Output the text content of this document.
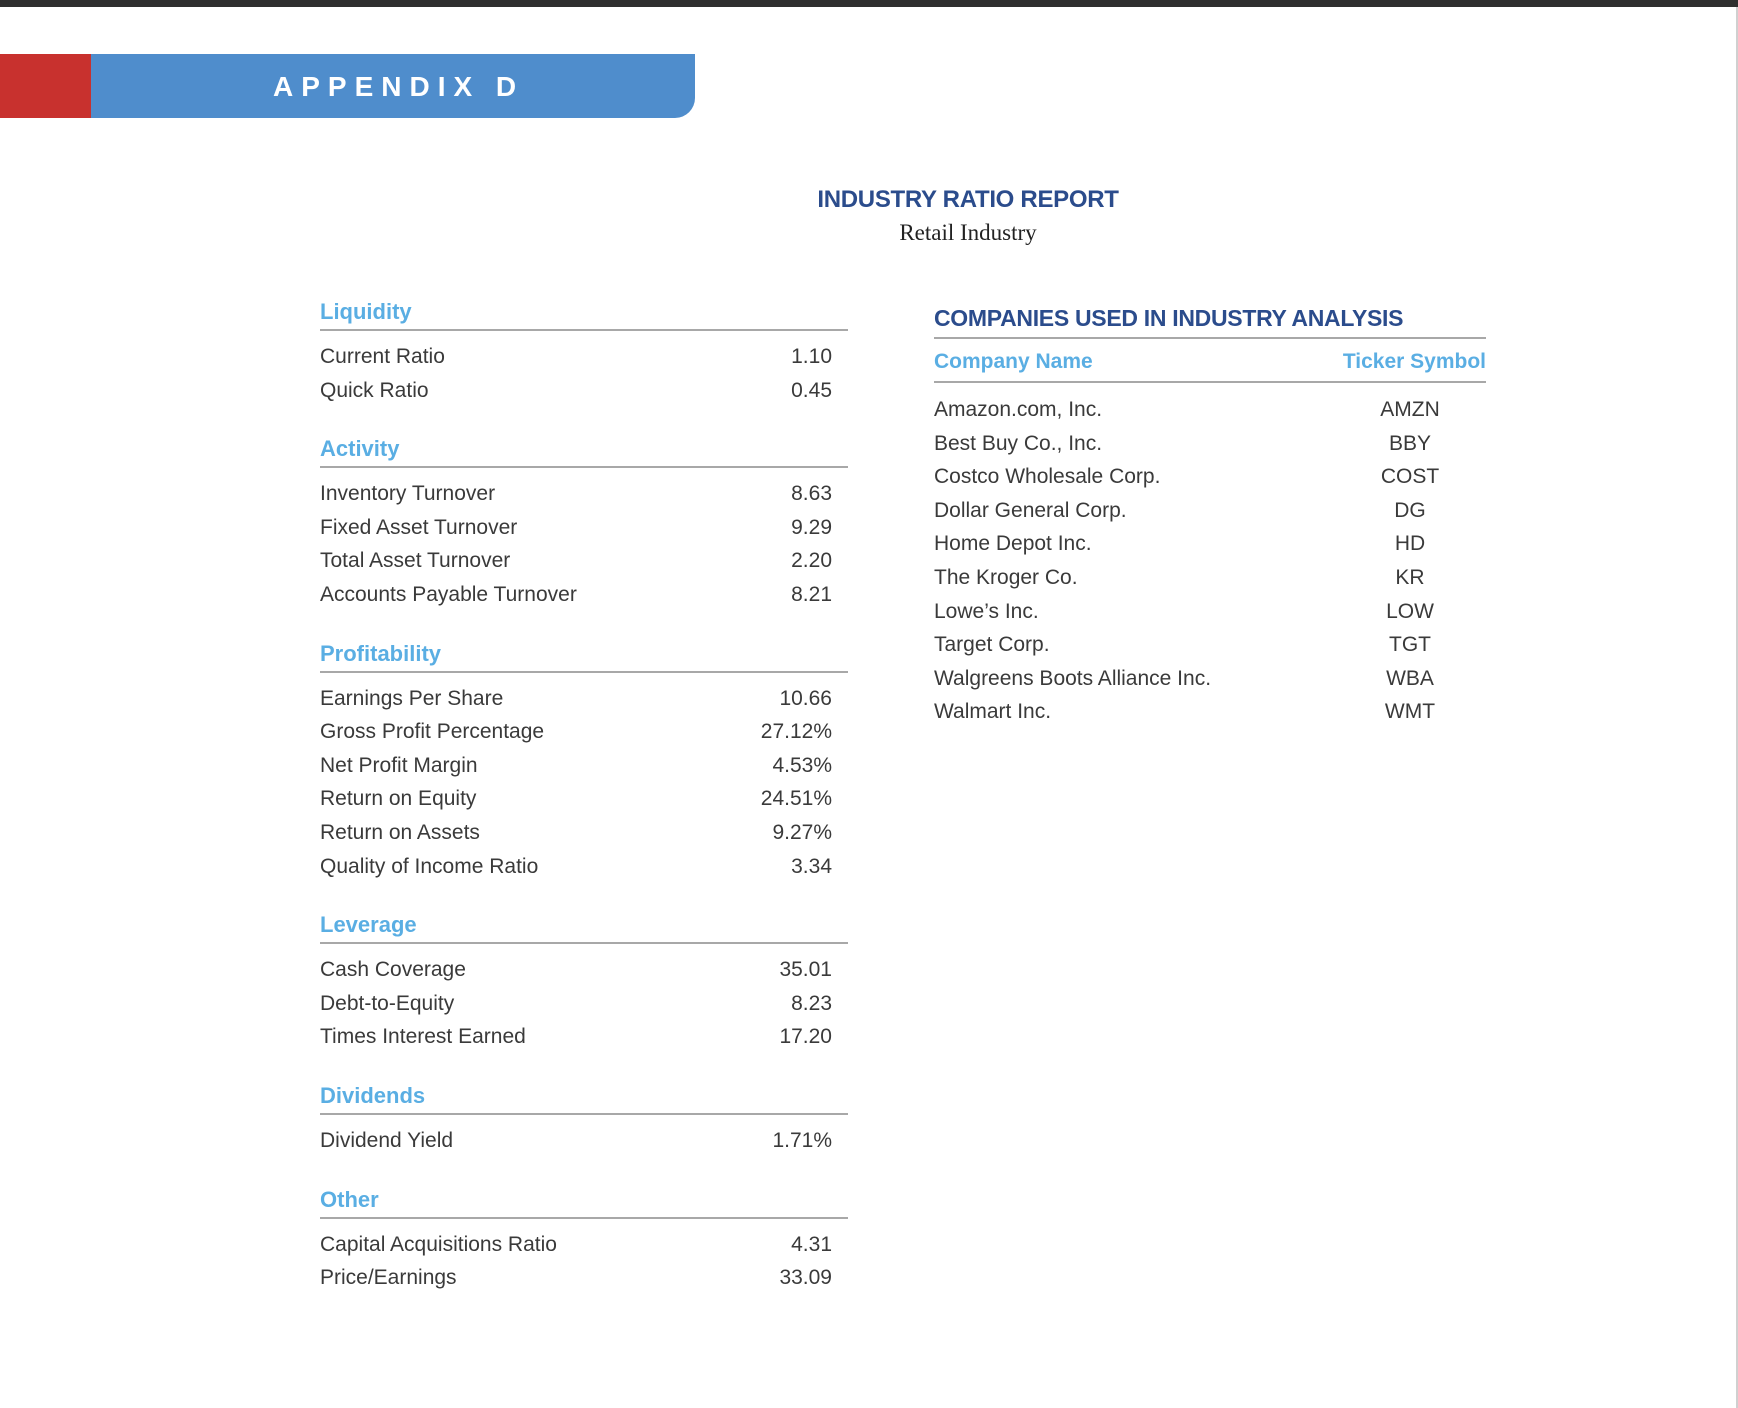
APPENDIX D
INDUSTRY RATIO REPORT
Retail Industry
Liquidity
Current Ratio	1.10
Quick Ratio	0.45
Activity
Inventory Turnover	8.63
Fixed Asset Turnover	9.29
Total Asset Turnover	2.20
Accounts Payable Turnover	8.21
Profitability
Earnings Per Share	10.66
Gross Profit Percentage	27.12%
Net Profit Margin	4.53%
Return on Equity	24.51%
Return on Assets	9.27%
Quality of Income Ratio	3.34
Leverage
Cash Coverage	35.01
Debt-to-Equity	8.23
Times Interest Earned	17.20
Dividends
Dividend Yield	1.71%
Other
Capital Acquisitions Ratio	4.31
Price/Earnings	33.09
COMPANIES USED IN INDUSTRY ANALYSIS
Company Name	Ticker Symbol
Amazon.com, Inc.	AMZN
Best Buy Co., Inc.	BBY
Costco Wholesale Corp.	COST
Dollar General Corp.	DG
Home Depot Inc.	HD
The Kroger Co.	KR
Lowe’s Inc.	LOW
Target Corp.	TGT
Walgreens Boots Alliance Inc.	WBA
Walmart Inc.	WMT
